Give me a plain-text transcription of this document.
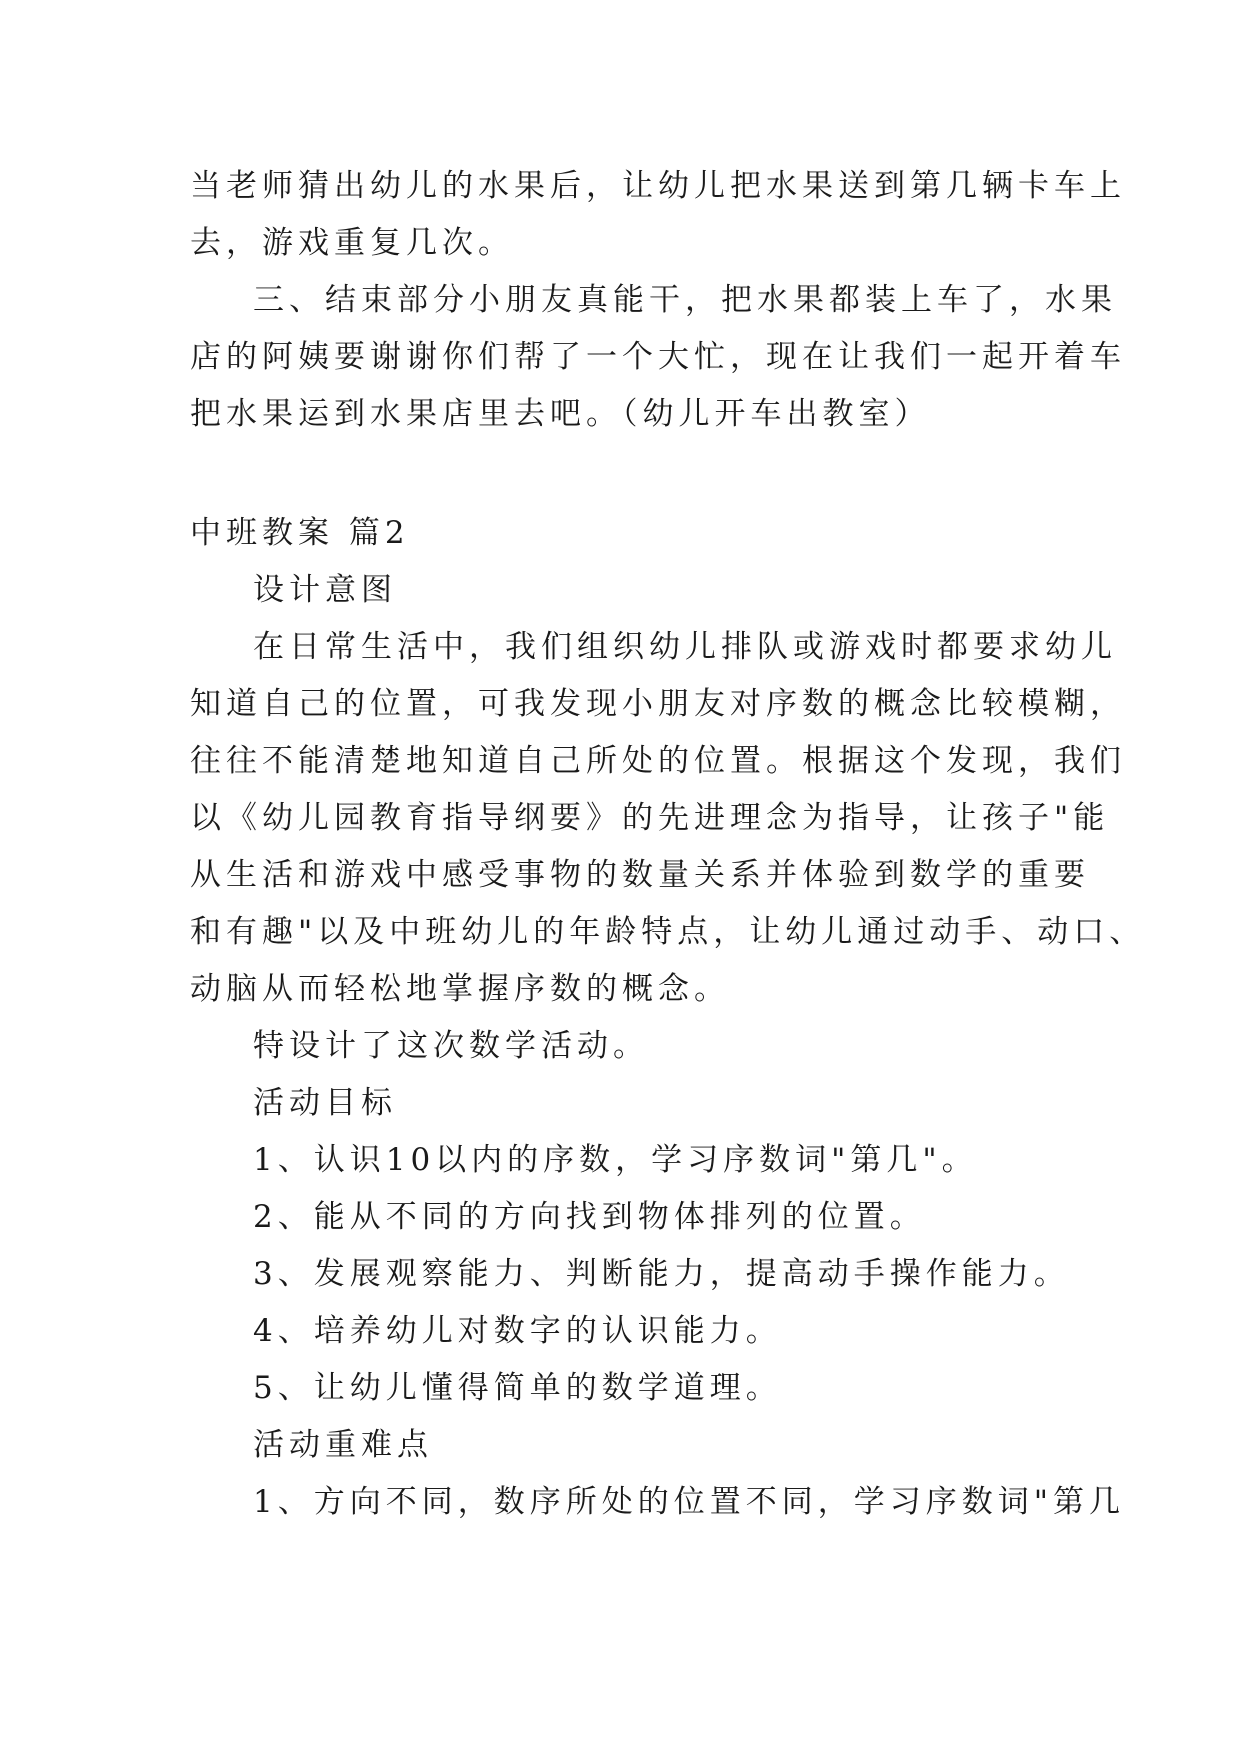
当老师猜出幼儿的水果后，让幼儿把水果送到第几辆卡车上
去，游戏重复几次。
三、结束部分小朋友真能干，把水果都装上车了，水果
店的阿姨要谢谢你们帮了一个大忙，现在让我们一起开着车
把水果运到水果店里去吧。（幼儿开车出教室）
中班教案 篇2
设计意图
在日常生活中，我们组织幼儿排队或游戏时都要求幼儿
知道自己的位置，可我发现小朋友对序数的概念比较模糊，
往往不能清楚地知道自己所处的位置。根据这个发现，我们
以《幼儿园教育指导纲要》的先进理念为指导，让孩子"能
从生活和游戏中感受事物的数量关系并体验到数学的重要
和有趣"以及中班幼儿的年龄特点，让幼儿通过动手、动口、
动脑从而轻松地掌握序数的概念。
特设计了这次数学活动。
活动目标
1、认识10以内的序数，学习序数词"第几"。
2、能从不同的方向找到物体排列的位置。
3、发展观察能力、判断能力，提高动手操作能力。
4、培养幼儿对数字的认识能力。
5、让幼儿懂得简单的数学道理。
活动重难点
1、方向不同，数序所处的位置不同，学习序数词"第几
